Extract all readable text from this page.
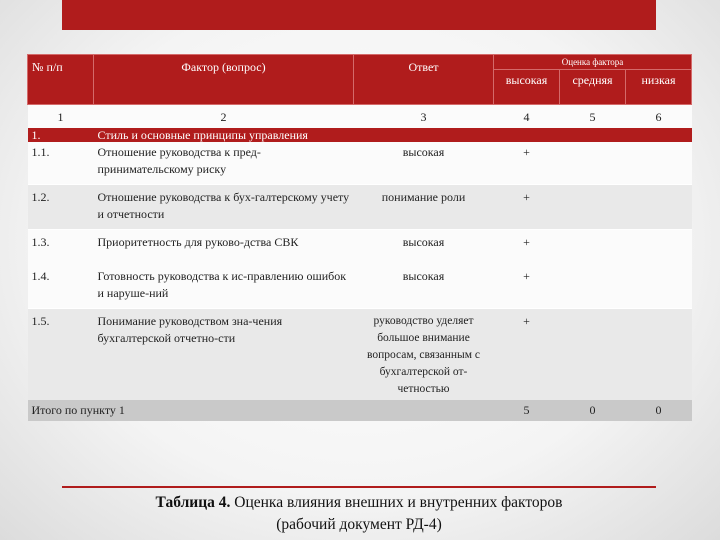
№ п/п	Фактор (вопрос)	Ответ	Оценка фактора		
			высокая	средняя	низкая
1	2	3	4	5	6
1.	Стиль и основные принципы управления				
1.1.	Отношение руководства к пред-принимательскому риску	высокая	+		
1.2.	Отношение руководства к бух-галтерскому учету и отчетности	понимание роли	+		
1.3.	Приоритетность для руково-дства СВК	высокая	+		
1.4.	Готовность руководства к ис-правлению ошибок и наруше-ний	высокая	+		
1.5.	Понимание руководством зна-чения бухгалтерской отчетно-сти	руководство уделяет большое внимание вопросам, связанным с бухгалтерской от-четностью	+		
Итого по пункту 1			5	0	0
Таблица 4. Оценка влияния внешних и внутренних факторов
(рабочий документ РД-4)
